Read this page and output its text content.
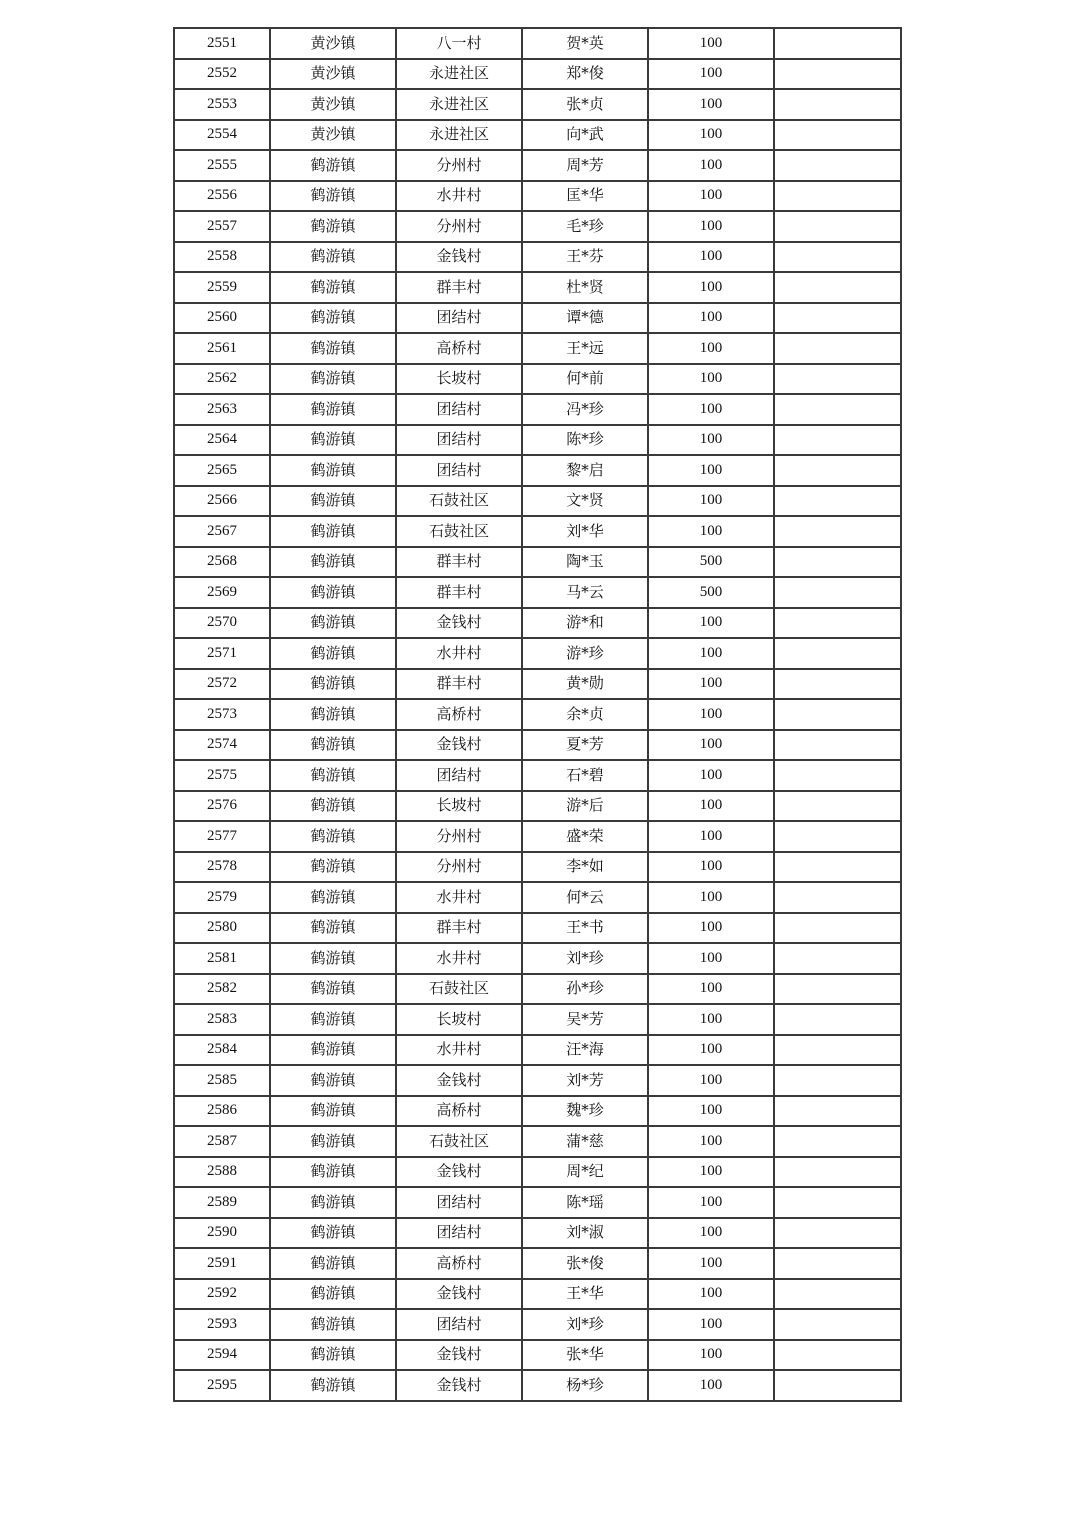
2551	黄沙镇	八一村	贺*英	100	
2552	黄沙镇	永进社区	郑*俊	100	
2553	黄沙镇	永进社区	张*贞	100	
2554	黄沙镇	永进社区	向*武	100	
2555	鹤游镇	分州村	周*芳	100	
2556	鹤游镇	水井村	匡*华	100	
2557	鹤游镇	分州村	毛*珍	100	
2558	鹤游镇	金钱村	王*芬	100	
2559	鹤游镇	群丰村	杜*贤	100	
2560	鹤游镇	团结村	谭*德	100	
2561	鹤游镇	高桥村	王*远	100	
2562	鹤游镇	长坡村	何*前	100	
2563	鹤游镇	团结村	冯*珍	100	
2564	鹤游镇	团结村	陈*珍	100	
2565	鹤游镇	团结村	黎*启	100	
2566	鹤游镇	石鼓社区	文*贤	100	
2567	鹤游镇	石鼓社区	刘*华	100	
2568	鹤游镇	群丰村	陶*玉	500	
2569	鹤游镇	群丰村	马*云	500	
2570	鹤游镇	金钱村	游*和	100	
2571	鹤游镇	水井村	游*珍	100	
2572	鹤游镇	群丰村	黄*勋	100	
2573	鹤游镇	高桥村	余*贞	100	
2574	鹤游镇	金钱村	夏*芳	100	
2575	鹤游镇	团结村	石*碧	100	
2576	鹤游镇	长坡村	游*后	100	
2577	鹤游镇	分州村	盛*荣	100	
2578	鹤游镇	分州村	李*如	100	
2579	鹤游镇	水井村	何*云	100	
2580	鹤游镇	群丰村	王*书	100	
2581	鹤游镇	水井村	刘*珍	100	
2582	鹤游镇	石鼓社区	孙*珍	100	
2583	鹤游镇	长坡村	吴*芳	100	
2584	鹤游镇	水井村	汪*海	100	
2585	鹤游镇	金钱村	刘*芳	100	
2586	鹤游镇	高桥村	魏*珍	100	
2587	鹤游镇	石鼓社区	蒲*慈	100	
2588	鹤游镇	金钱村	周*纪	100	
2589	鹤游镇	团结村	陈*瑶	100	
2590	鹤游镇	团结村	刘*淑	100	
2591	鹤游镇	高桥村	张*俊	100	
2592	鹤游镇	金钱村	王*华	100	
2593	鹤游镇	团结村	刘*珍	100	
2594	鹤游镇	金钱村	张*华	100	
2595	鹤游镇	金钱村	杨*珍	100	
